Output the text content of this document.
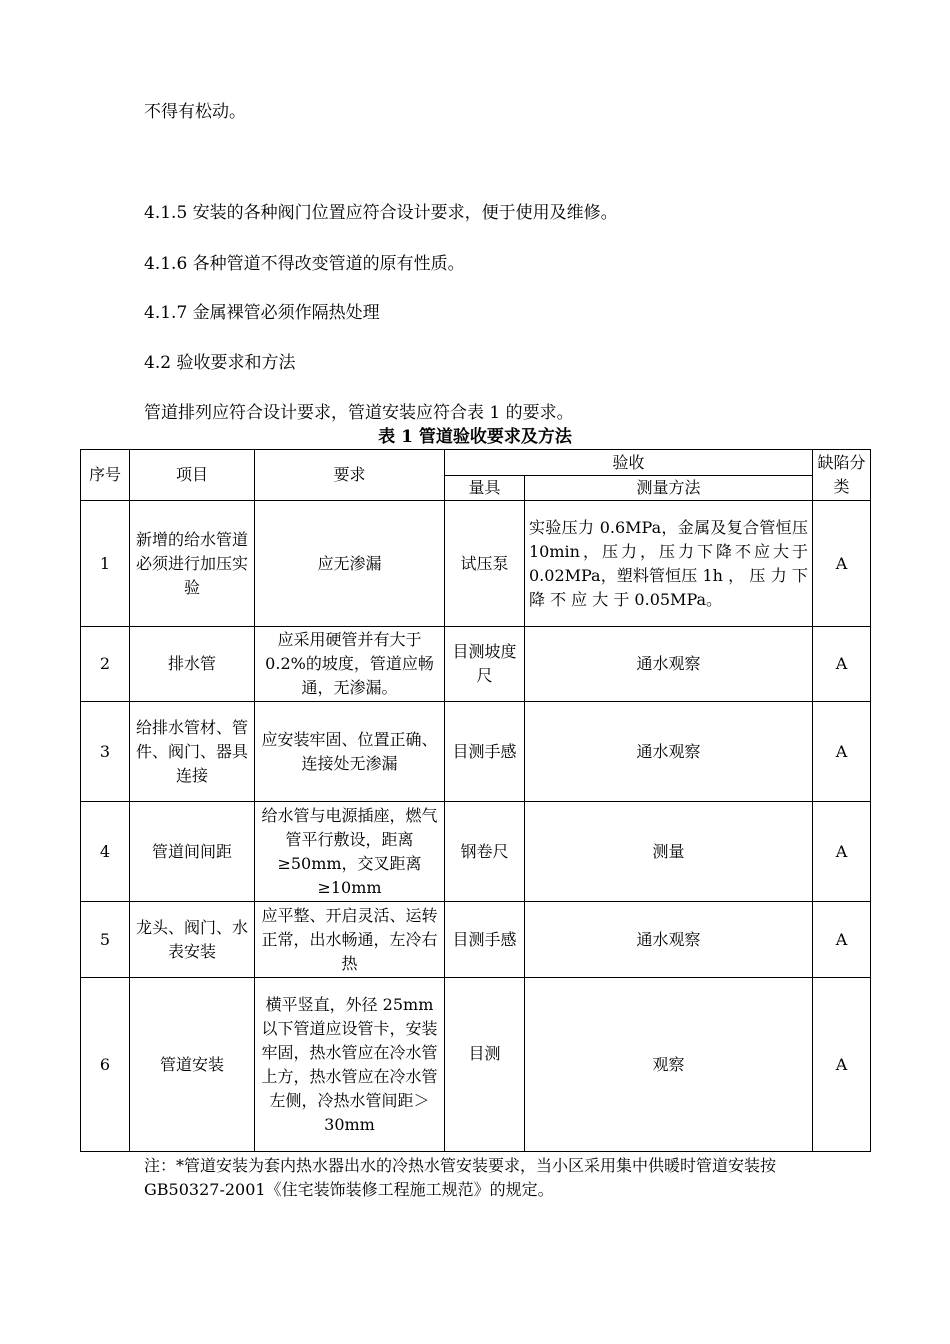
不得有松动。
4.1.5 安装的各种阀门位置应符合设计要求，便于使用及维修。
4.1.6 各种管道不得改变管道的原有性质。
4.1.7 金属裸管必须作隔热处理
4.2 验收要求和方法
管道排列应符合设计要求，管道安装应符合表 1 的要求。
表 1 管道验收要求及方法
序号	项目	要求	验收		缺陷分类
			量具	测量方法	
1	新增的给水管道必须进行加压实验	应无渗漏	试压泵	实验压力 0.6MPa，金属及复合管恒压 10min，压力，压力下降不应大于 0.02MPa，塑料管恒压 1h ， 压 力 下 降 不 应 大 于 0.05MPa。	A
2	排水管	应采用硬管并有大于 0.2%的坡度，管道应畅通，无渗漏。	目测坡度尺	通水观察	A
3	给排水管材、管件、阀门、器具连接	应安装牢固、位置正确、连接处无渗漏	目测手感	通水观察	A
4	管道间间距	给水管与电源插座，燃气管平行敷设，距离≥50mm，交叉距离≥10mm	钢卷尺	测量	A
5	龙头、阀门、水表安装	应平整、开启灵活、运转正常，出水畅通，左冷右热	目测手感	通水观察	A
6	管道安装	横平竖直，外径 25mm 以下管道应设管卡，安装牢固，热水管应在冷水管上方，热水管应在冷水管左侧，冷热水管间距＞30mm	目测	观察	A
注：*管道安装为套内热水器出水的冷热水管安装要求，当小区采用集中供暖时管道安装按 GB50327-2001《住宅装饰装修工程施工规范》的规定。
